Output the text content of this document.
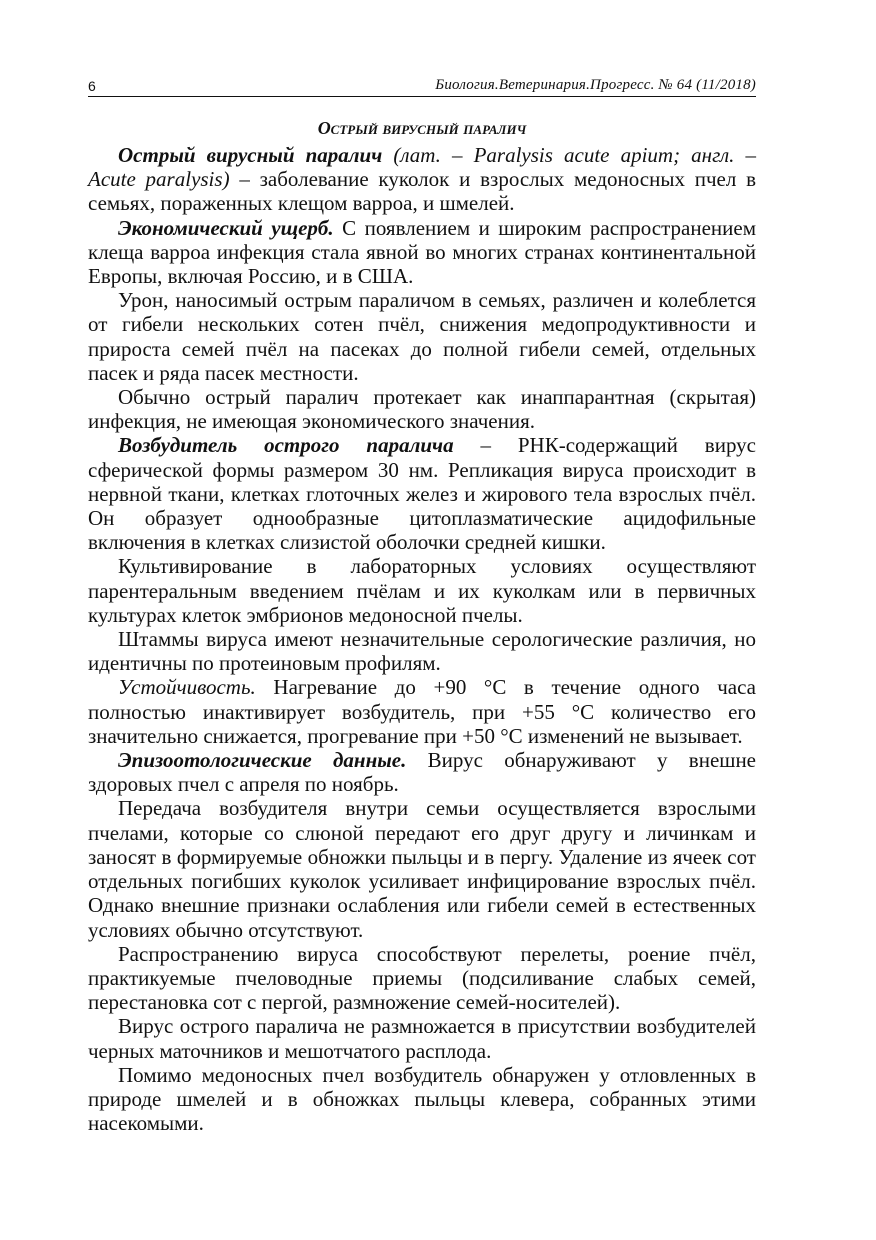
6	Биология.Ветеринария.Прогресс. № 64 (11/2018)
Острый вирусный паралич

Острый вирусный паралич (лат. – Paralysis acute apium; англ. – Acute paralysis) – заболевание куколок и взрослых медоносных пчел в семьях, пораженных клещом варроа, и шмелей.

Экономический ущерб. С появлением и широким распространением клеща варроа инфекция стала явной во многих странах континентальной Европы, включая Россию, и в США.

Урон, наносимый острым параличом в семьях, различен и колеблется от гибели нескольких сотен пчёл, снижения медопродуктивности и прироста семей пчёл на пасеках до полной гибели семей, отдельных пасек и ряда пасек местности.

Обычно острый паралич протекает как инаппарантная (скрытая) инфекция, не имеющая экономического значения.

Возбудитель острого паралича – РНК-содержащий вирус сферической формы размером 30 нм. Репликация вируса происходит в нервной ткани, клетках глоточных желез и жирового тела взрослых пчёл. Он образует однообразные цитоплазматические ацидофильные включения в клетках слизистой оболочки средней кишки.

Культивирование в лабораторных условиях осуществляют парентеральным введением пчёлам и их куколкам или в первичных культурах клеток эмбрионов медоносной пчелы.

Штаммы вируса имеют незначительные серологические различия, но идентичны по протеиновым профилям.

Устойчивость. Нагревание до +90 °С в течение одного часа полностью инактивирует возбудитель, при +55 °С количество его значительно снижается, прогревание при +50 °С изменений не вызывает.

Эпизоотологические данные. Вирус обнаруживают у внешне здоровых пчел с апреля по ноябрь.

Передача возбудителя внутри семьи осуществляется взрослыми пчелами, которые со слюной передают его друг другу и личинкам и заносят в формируемые обножки пыльцы и в пергу. Удаление из ячеек сот отдельных погибших куколок усиливает инфицирование взрослых пчёл. Однако внешние признаки ослабления или гибели семей в естественных условиях обычно отсутствуют.

Распространению вируса способствуют перелеты, роение пчёл, практикуемые пчеловодные приемы (подсиливание слабых семей, перестановка сот с пергой, размножение семей-носителей).

Вирус острого паралича не размножается в присутствии возбудителей черных маточников и мешотчатого расплода.

Помимо медоносных пчел возбудитель обнаружен у отловленных в природе шмелей и в обножках пыльцы клевера, собранных этими насекомыми.
